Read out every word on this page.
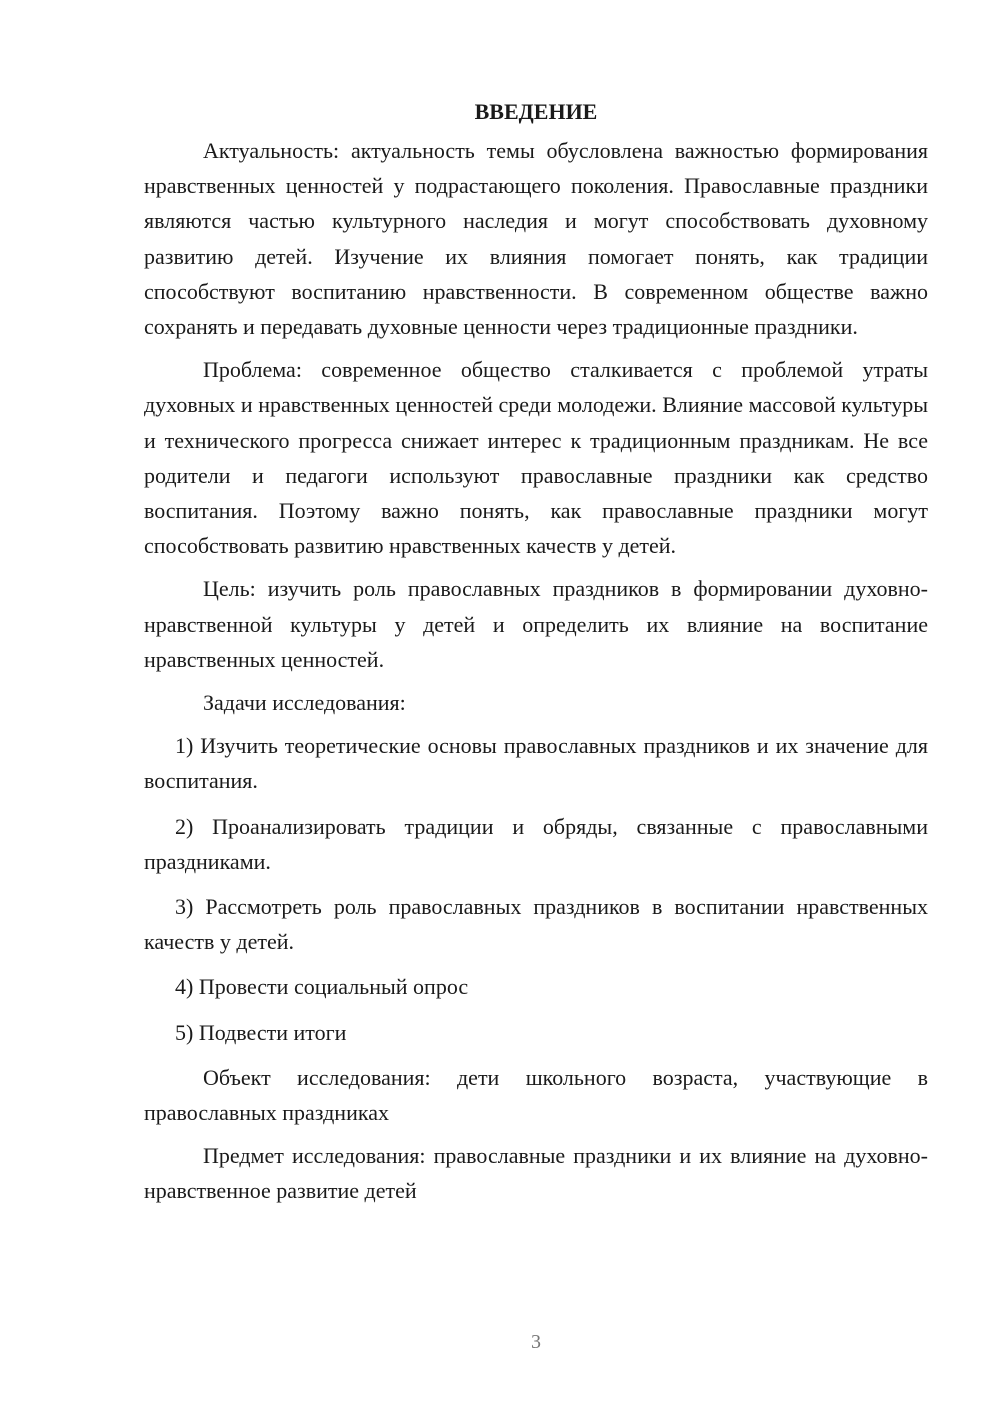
ВВЕДЕНИЕ

Актуальность: актуальность темы обусловлена важностью формирования нравственных ценностей у подрастающего поколения. Православные праздники являются частью культурного наследия и могут способствовать духовному развитию детей. Изучение их влияния помогает понять, как традиции способствуют воспитанию нравственности. В современном обществе важно сохранять и передавать духовные ценности через традиционные праздники.

Проблема: современное общество сталкивается с проблемой утраты духовных и нравственных ценностей среди молодежи. Влияние массовой культуры и технического прогресса снижает интерес к традиционным праздникам. Не все родители и педагоги используют православные праздники как средство воспитания. Поэтому важно понять, как православные праздники могут способствовать развитию нравственных качеств у детей.

Цель: изучить роль православных праздников в формировании духовно-нравственной культуры у детей и определить их влияние на воспитание нравственных ценностей.

Задачи исследования:

1) Изучить теоретические основы православных праздников и их значение для воспитания.

2) Проанализировать традиции и обряды, связанные с православными праздниками.

3) Рассмотреть роль православных праздников в воспитании нравственных качеств у детей.

4) Провести социальный опрос

5) Подвести итоги

Объект исследования: дети школьного возраста, участвующие в православных праздниках

Предмет исследования: православные праздники и их влияние на духовно-нравственное развитие детей

3
